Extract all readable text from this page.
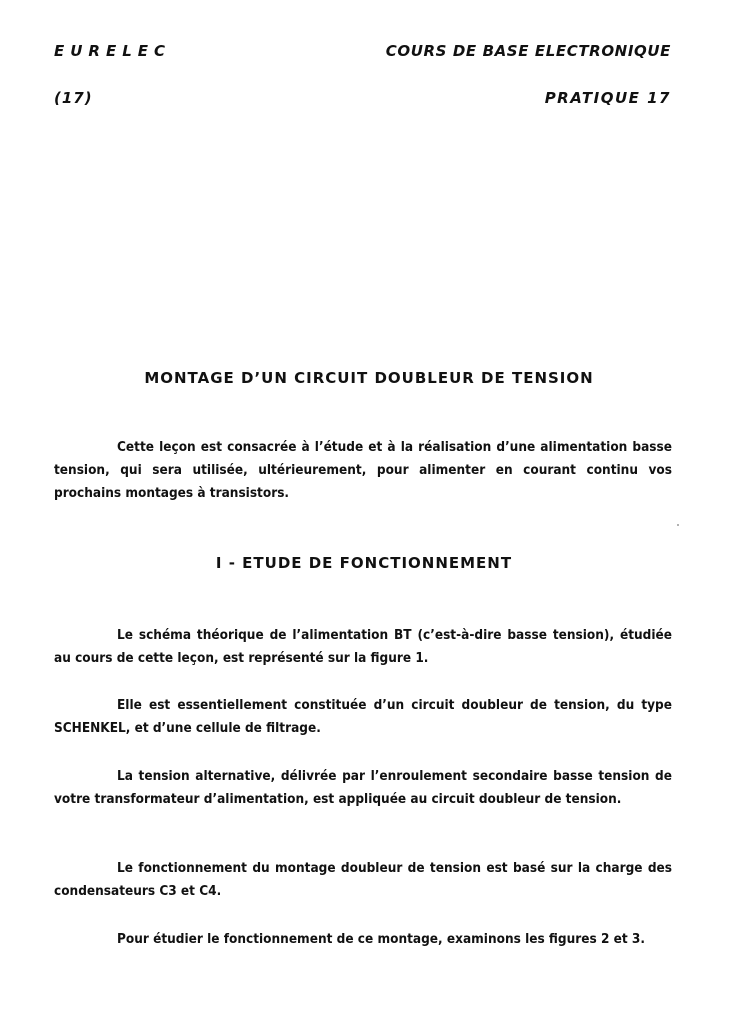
EURELEC	COURS DE BASE ELECTRONIQUE
(17)	PRATIQUE 17
MONTAGE D’UN CIRCUIT DOUBLEUR DE TENSION

Cette leçon est consacrée à l’étude et à la réalisation d’une alimentation basse tension, qui sera utilisée, ultérieurement, pour alimenter en courant continu vos prochains montages à transistors.

I - ETUDE DE FONCTIONNEMENT

Le schéma théorique de l’alimentation BT (c’est-à-dire basse tension), étudiée au cours de cette leçon, est représenté sur la figure 1.

Elle est essentiellement constituée d’un circuit doubleur de tension, du type SCHENKEL, et d’une cellule de filtrage.

La tension alternative, délivrée par l’enroulement secondaire basse tension de votre transformateur d’alimentation, est appliquée au circuit doubleur de tension.

Le fonctionnement du montage doubleur de tension est basé sur la charge des condensateurs C3 et C4.

Pour étudier le fonctionnement de ce montage, examinons les figures 2 et 3.
